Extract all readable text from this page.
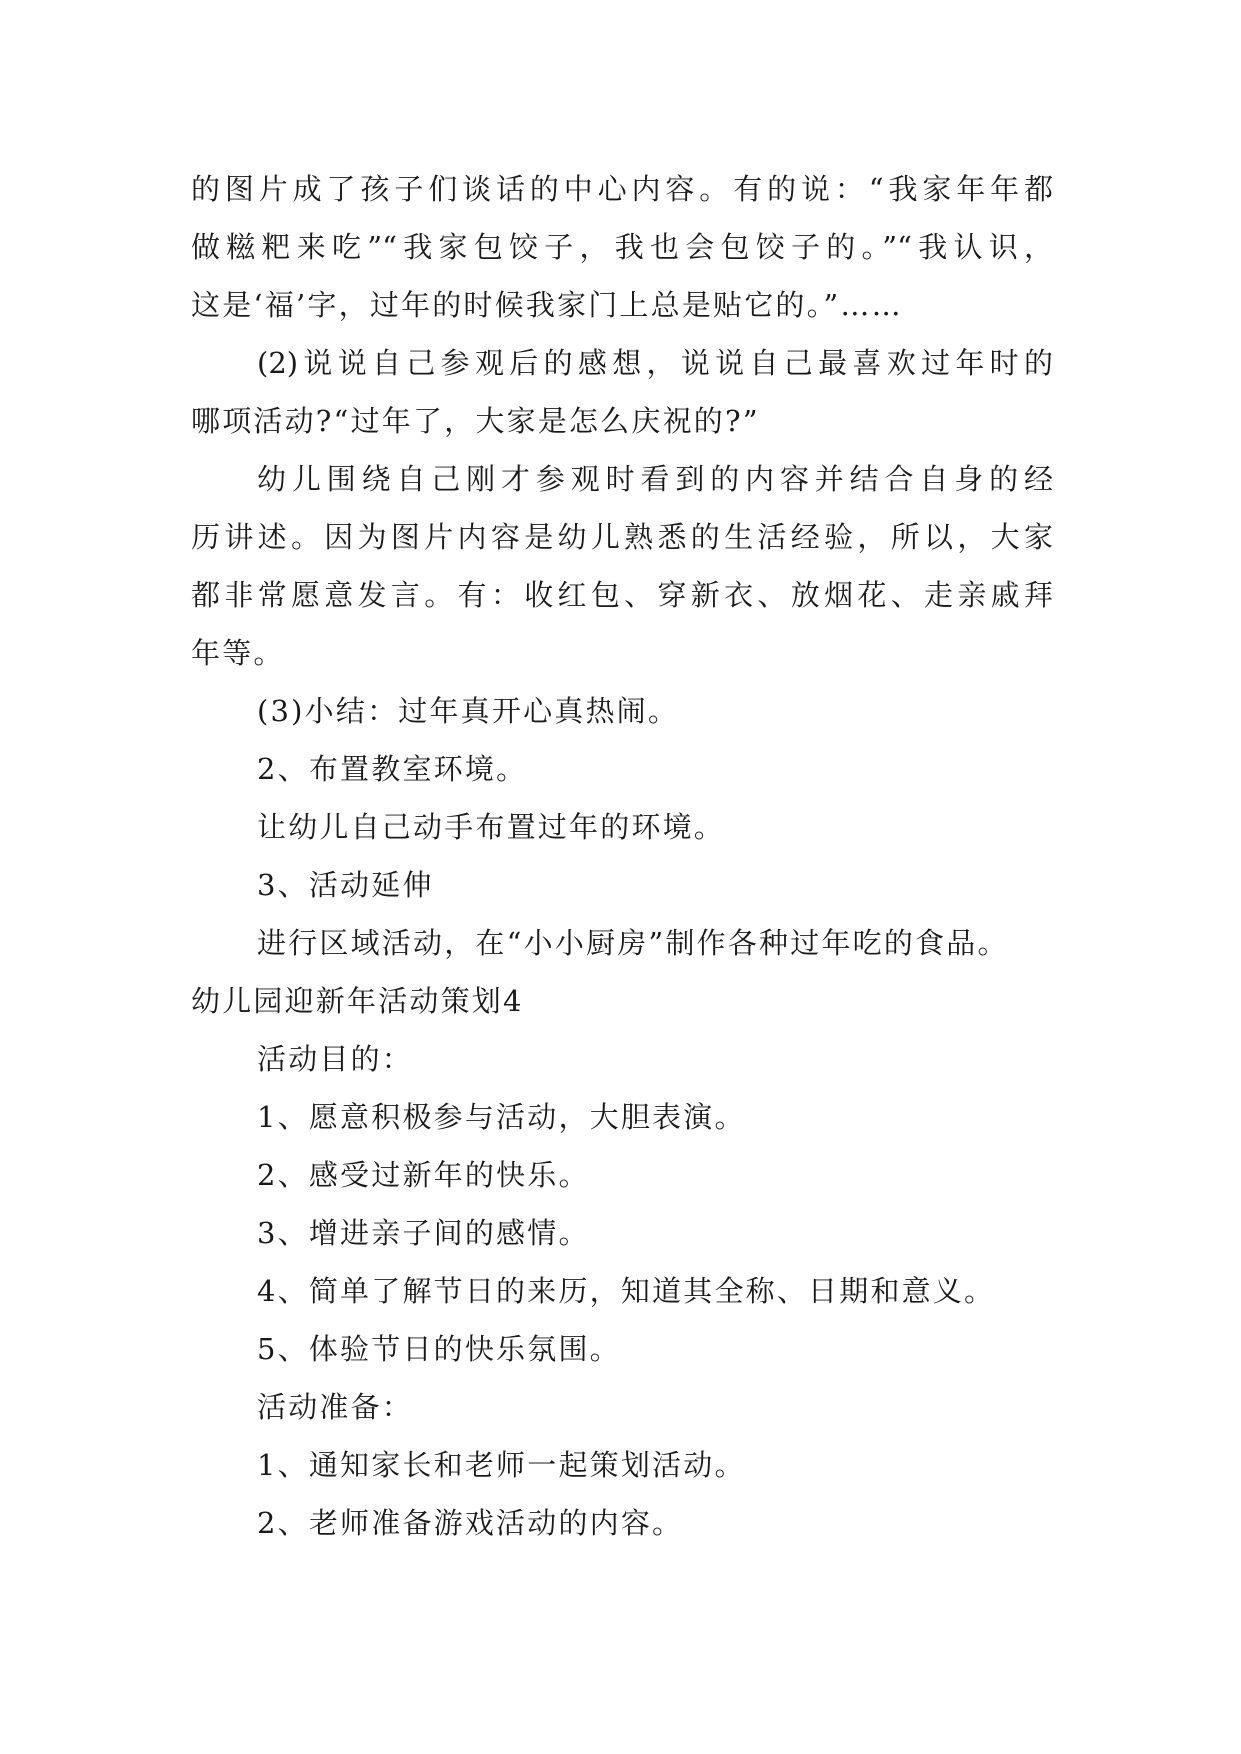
的图片成了孩子们谈话的中心内容。有的说：“我家年年都
做糍粑来吃”“我家包饺子，我也会包饺子的。”“我认识，
这是‘福’字，过年的时候我家门上总是贴它的。”……
(2)说说自己参观后的感想，说说自己最喜欢过年时的
哪项活动?“过年了，大家是怎么庆祝的?”
幼儿围绕自己刚才参观时看到的内容并结合自身的经
历讲述。因为图片内容是幼儿熟悉的生活经验，所以，大家
都非常愿意发言。有：收红包、穿新衣、放烟花、走亲戚拜
年等。
(3)小结：过年真开心真热闹。
2、布置教室环境。
让幼儿自己动手布置过年的环境。
3、活动延伸
进行区域活动，在“小小厨房”制作各种过年吃的食品。
幼儿园迎新年活动策划4
活动目的：
1、愿意积极参与活动，大胆表演。
2、感受过新年的快乐。
3、增进亲子间的感情。
4、简单了解节日的来历，知道其全称、日期和意义。
5、体验节日的快乐氛围。
活动准备：
1、通知家长和老师一起策划活动。
2、老师准备游戏活动的内容。
